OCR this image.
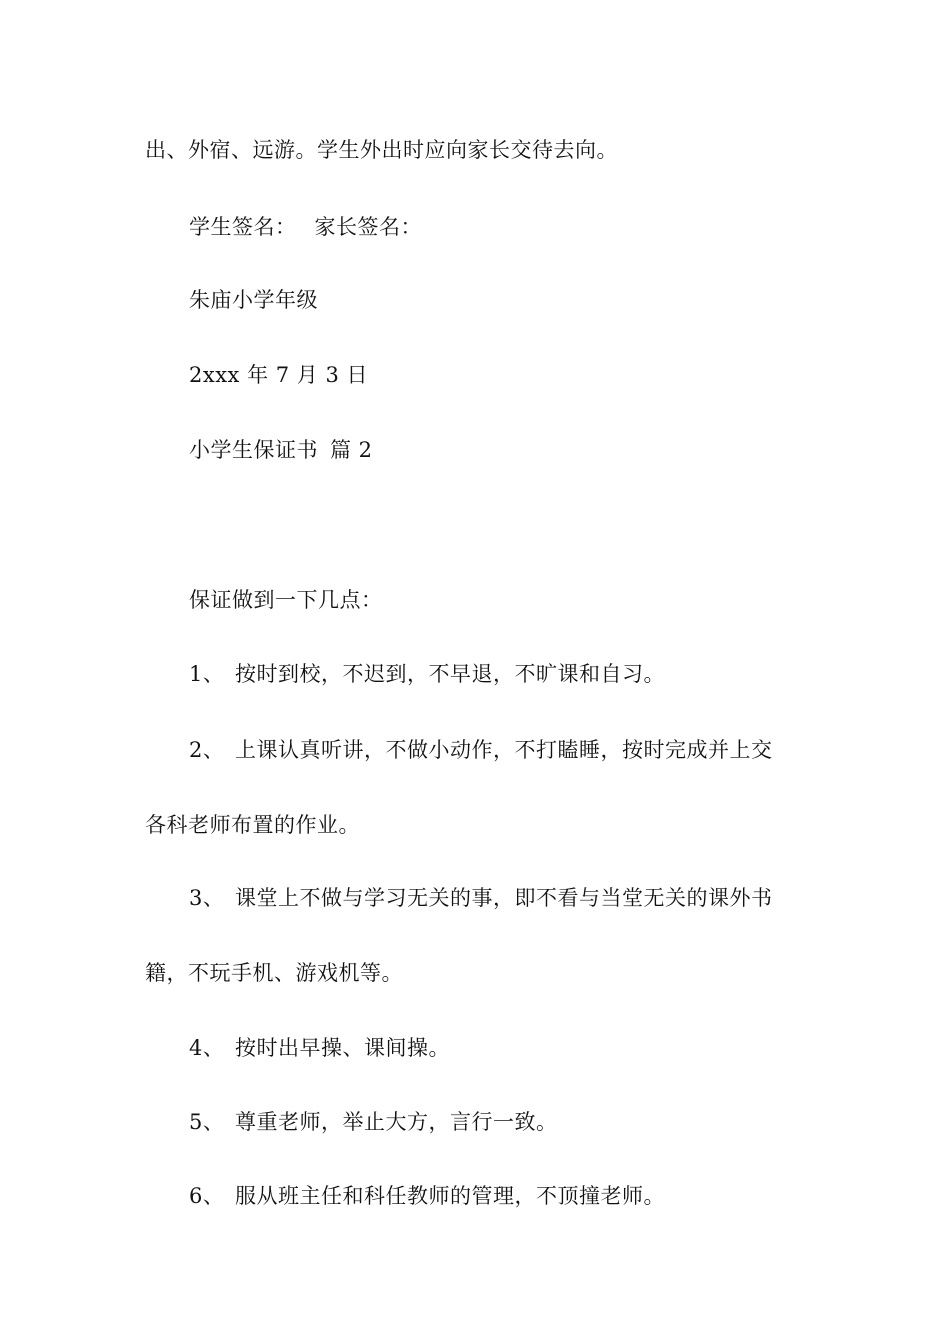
出、外宿、远游。学生外出时应向家长交待去向。
学生签名： 家长签名：
朱庙小学年级
2xxx 年 7 月 3 日
小学生保证书 篇 2
保证做到一下几点：
1、 按时到校，不迟到，不早退，不旷课和自习。
2、 上课认真听讲，不做小动作，不打瞌睡，按时完成并上交
各科老师布置的作业。
3、 课堂上不做与学习无关的事，即不看与当堂无关的课外书
籍，不玩手机、游戏机等。
4、 按时出早操、课间操。
5、 尊重老师，举止大方，言行一致。
6、 服从班主任和科任教师的管理，不顶撞老师。
